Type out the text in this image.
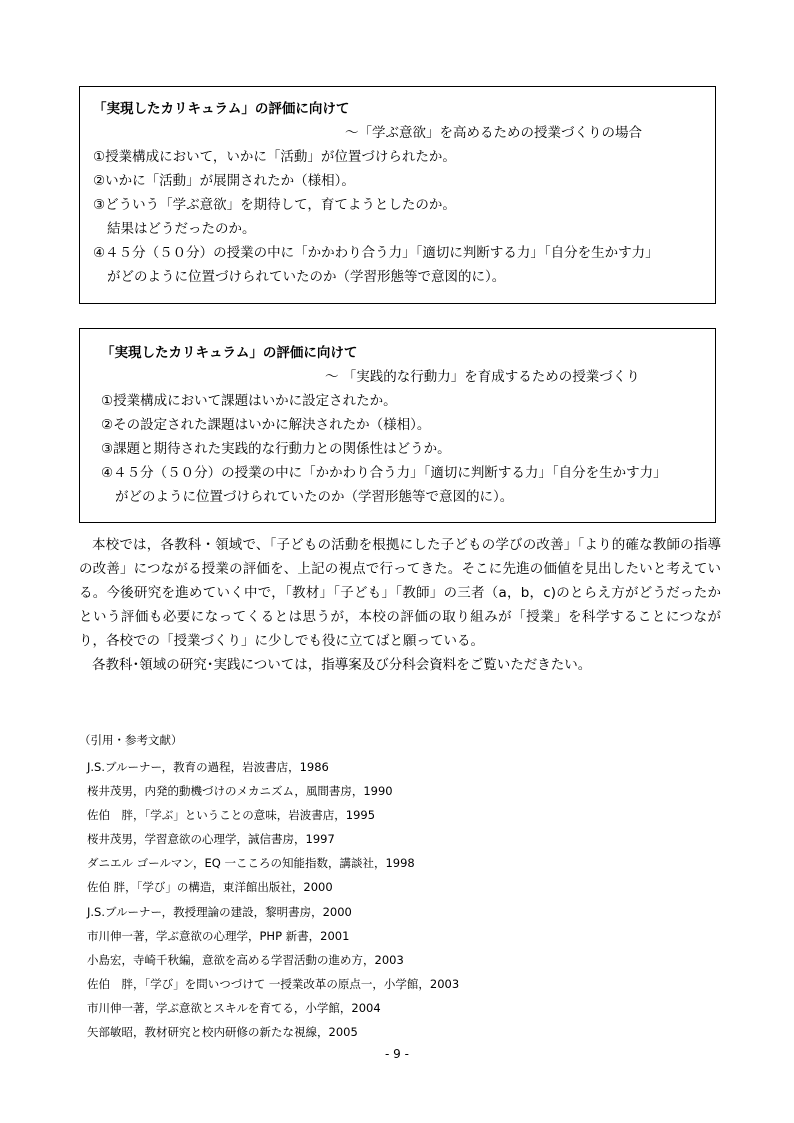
「実現したカリキュラム」の評価に向けて
〜「学ぶ意欲」を高めるための授業づくりの場合
①授業構成において，いかに「活動」が位置づけられたか。
②いかに「活動」が展開されたか（様相）。
③どういう「学ぶ意欲」を期待して，育てようとしたのか。
結果はどうだったのか。
④４５分（５０分）の授業の中に「かかわり合う力」「適切に判断する力」「自分を生かす力」
がどのように位置づけられていたのか（学習形態等で意図的に）。
「実現したカリキュラム」の評価に向けて
〜 「実践的な行動力」を育成するための授業づくり
①授業構成において課題はいかに設定されたか。
②その設定された課題はいかに解決されたか（様相）。
③課題と期待された実践的な行動力との関係性はどうか。
④４５分（５０分）の授業の中に「かかわり合う力」「適切に判断する力」「自分を生かす力」
がどのように位置づけられていたのか（学習形態等で意図的に）。

本校では，各教科・領域で、「子どもの活動を根拠にした子どもの学びの改善」「より的確な教師の指導の改善」につながる授業の評価を、上記の視点で行ってきた。そこに先進の価値を見出したいと考えている。今後研究を進めていく中で，「教材」「子ども」「教師」の三者（a，b，c)のとらえ方がどうだったかという評価も必要になってくるとは思うが，本校の評価の取り組みが「授業」を科学することにつながり，各校での「授業づくり」に少しでも役に立てばと願っている。

各教科･領域の研究･実践については，指導案及び分科会資料をご覧いただきたい。

（引用・参考文献）
J.S.ブルーナー，教育の過程，岩波書店，1986
桜井茂男，内発的動機づけのメカニズム，風間書房，1990
佐伯　胖，「学ぶ」ということの意味，岩波書店，1995
桜井茂男，学習意欲の心理学，誠信書房，1997
ダニエル ゴールマン，EQ 一こころの知能指数，講談社，1998
佐伯 胖，「学び」の構造，東洋館出版社，2000
J.S.ブルーナー，教授理論の建設，黎明書房，2000
市川伸一著，学ぶ意欲の心理学，PHP 新書，2001
小島宏，寺崎千秋編，意欲を高める学習活動の進め方，2003
佐伯　胖，「学び」を問いつづけて 一授業改革の原点一，小学館，2003
市川伸一著，学ぶ意欲とスキルを育てる，小学館，2004
矢部敏昭，教材研究と校内研修の新たな視線，2005
- 9 -
